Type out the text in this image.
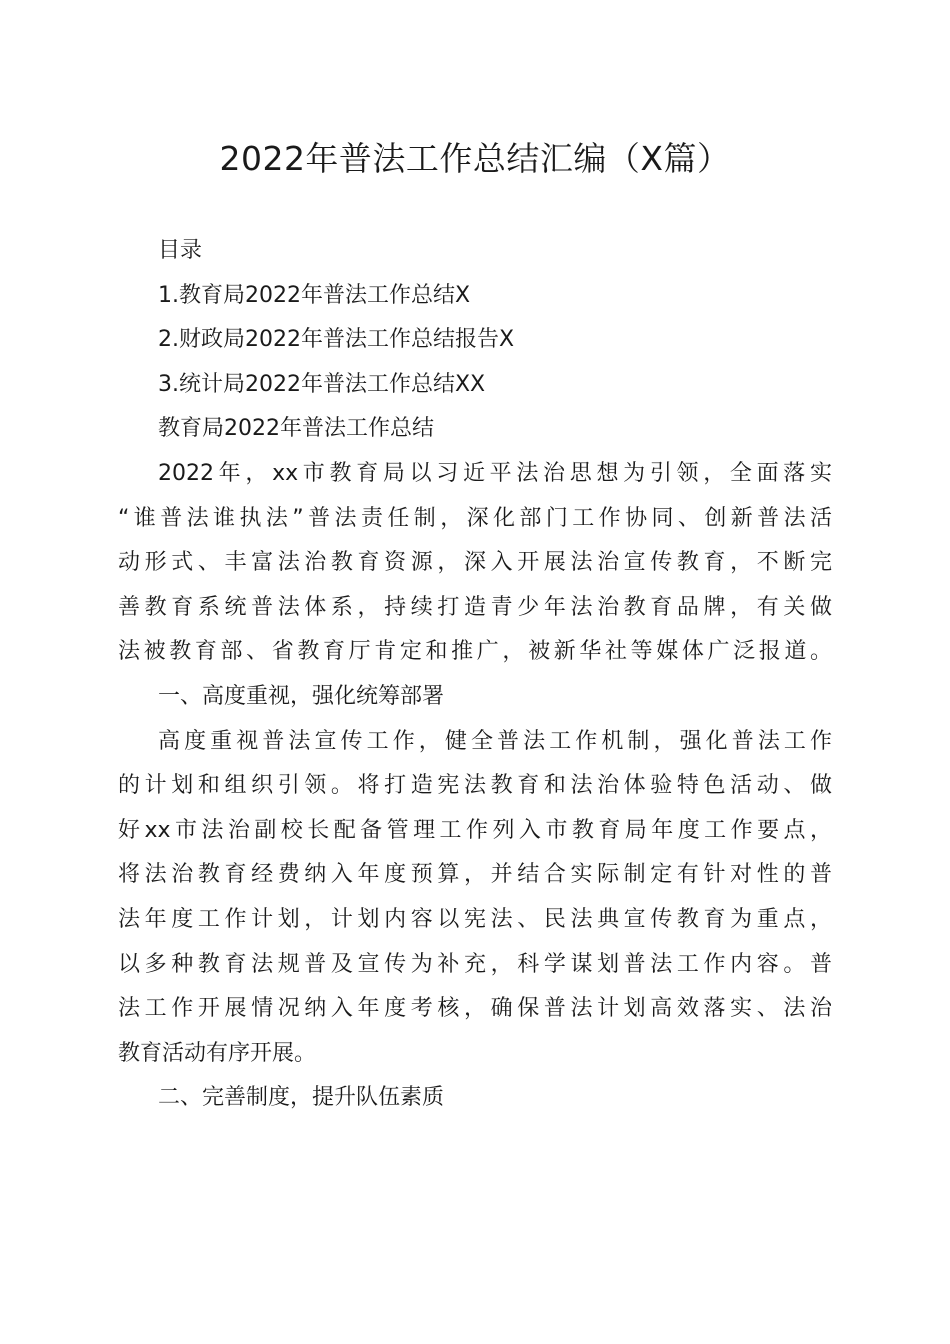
2022年普法工作总结汇编（X篇）
目录
1.教育局2022年普法工作总结X
2.财政局2022年普法工作总结报告X
3.统计局2022年普法工作总结XX
教育局2022年普法工作总结
2022年，xx市教育局以习近平法治思想为引领，全面落实
“谁普法谁执法”普法责任制，深化部门工作协同、创新普法活
动形式、丰富法治教育资源，深入开展法治宣传教育，不断完
善教育系统普法体系，持续打造青少年法治教育品牌，有关做
法被教育部、省教育厅肯定和推广，被新华社等媒体广泛报道。
一、高度重视，强化统筹部署
高度重视普法宣传工作，健全普法工作机制，强化普法工作
的计划和组织引领。将打造宪法教育和法治体验特色活动、做
好xx市法治副校长配备管理工作列入市教育局年度工作要点，
将法治教育经费纳入年度预算，并结合实际制定有针对性的普
法年度工作计划，计划内容以宪法、民法典宣传教育为重点，
以多种教育法规普及宣传为补充，科学谋划普法工作内容。普
法工作开展情况纳入年度考核，确保普法计划高效落实、法治
教育活动有序开展。
二、完善制度，提升队伍素质
